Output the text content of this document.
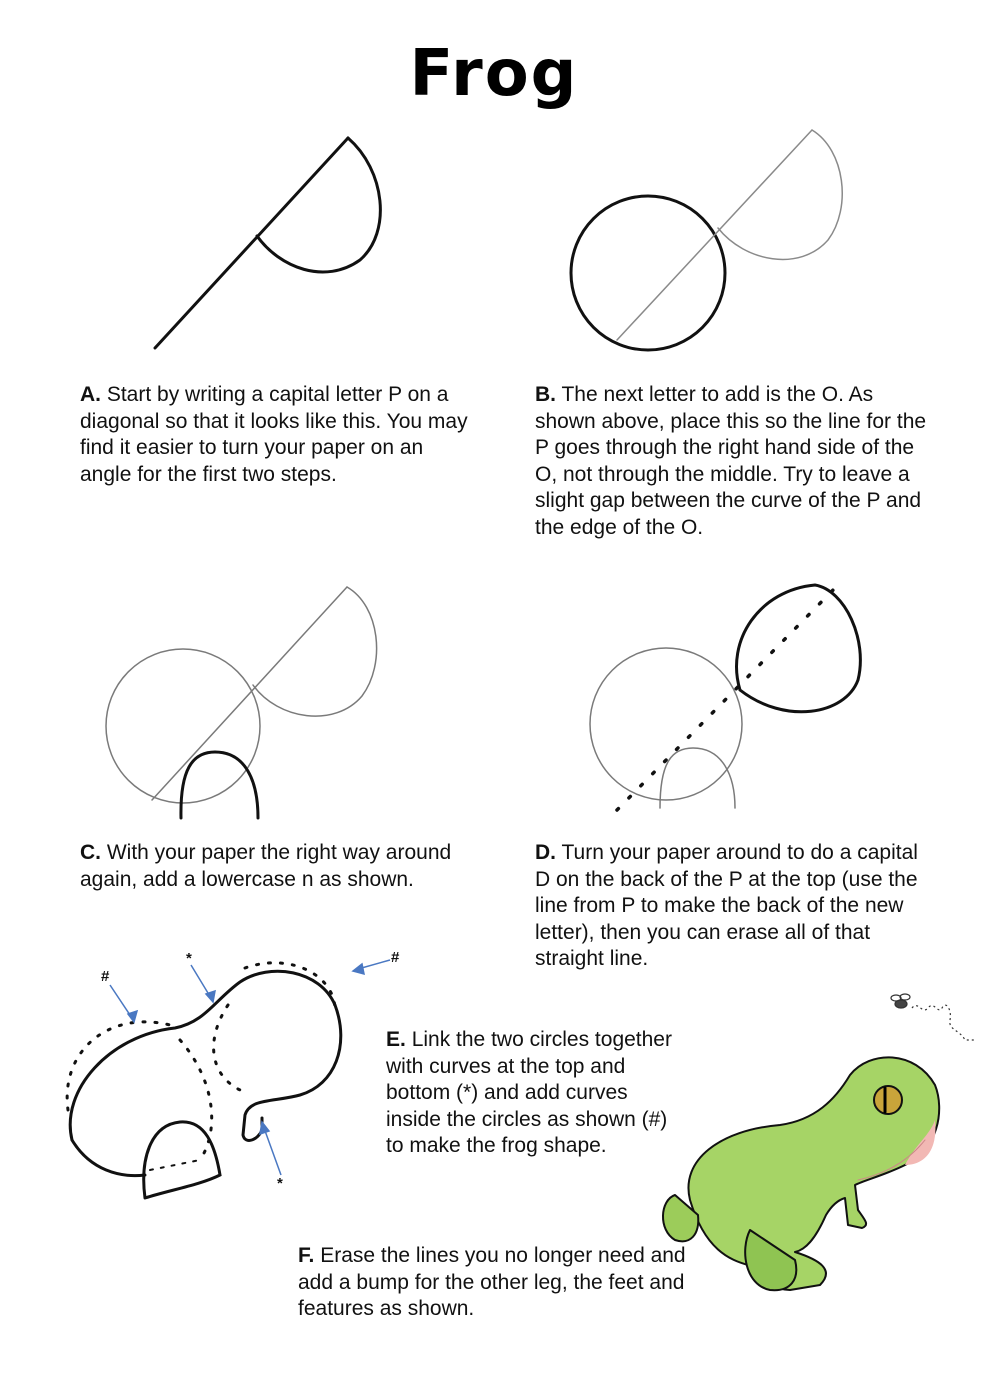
Frog
#
*	#
*

A. Start by writing a capital letter P on a diagonal so that it looks like this. You may find it easier to turn your paper on an angle for the first two steps.

B. The next letter to add is the O. As shown above, place this so the line for the P goes through the right hand side of the O, not through the middle. Try to leave a slight gap between the curve of the P and the edge of the O.

C. With your paper the right way around again, add a lowercase n as shown.

D. Turn your paper around to do a capital D on the back of the P at the top (use the line from P to make the back of the new letter), then you can erase all of that straight line.

E. Link the two circles together with curves at the top and bottom (*) and add curves inside the circles as shown (#) to make the frog shape.

F. Erase the lines you no longer need and add a bump for the other leg, the feet and features as shown.
